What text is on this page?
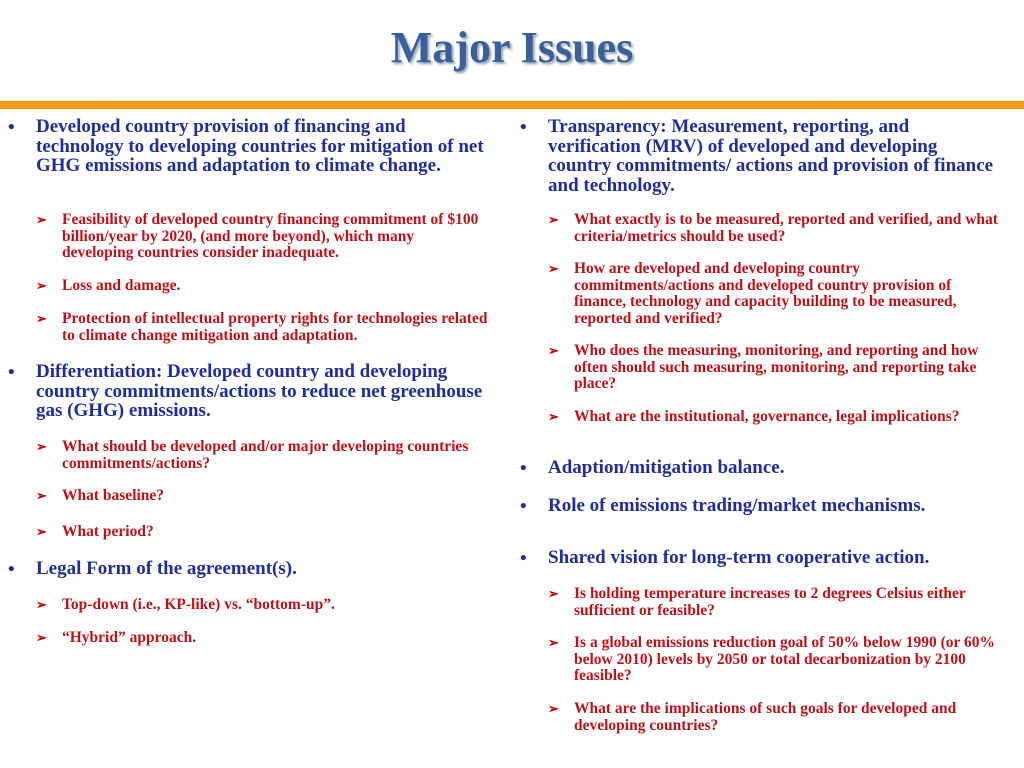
Major Issues
• Developed country provision of financing and technology to developing countries for mitigation of net GHG emissions and adaptation to climate change.
➢ Feasibility of developed country financing commitment of $100 billion/year by 2020, (and more beyond), which many developing countries consider inadequate.
➢ Loss and damage.
➢ Protection of intellectual property rights for technologies related to climate change mitigation and adaptation.
• Differentiation: Developed country and developing country commitments/actions to reduce net greenhouse gas (GHG) emissions.
➢ What should be developed and/or major developing countries commitments/actions?
➢ What baseline?
➢ What period?
• Legal Form of the agreement(s).
➢ Top-down (i.e., KP-like) vs. “bottom-up”.
➢ “Hybrid” approach.
• Transparency: Measurement, reporting, and verification (MRV) of developed and developing country commitments/ actions and provision of finance and technology.
➢ What exactly is to be measured, reported and verified, and what criteria/metrics should be used?
➢ How are developed and developing country commitments/actions and developed country provision of finance, technology and capacity building to be measured, reported and verified?
➢ Who does the measuring, monitoring, and reporting and how often should such measuring, monitoring, and reporting take place?
➢ What are the institutional, governance, legal implications?
• Adaption/mitigation balance.
• Role of emissions trading/market mechanisms.
• Shared vision for long-term cooperative action.
➢ Is holding temperature increases to 2 degrees Celsius either sufficient or feasible?
➢ Is a global emissions reduction goal of 50% below 1990 (or 60% below 2010) levels by 2050 or total decarbonization by 2100 feasible?
➢ What are the implications of such goals for developed and developing countries?
